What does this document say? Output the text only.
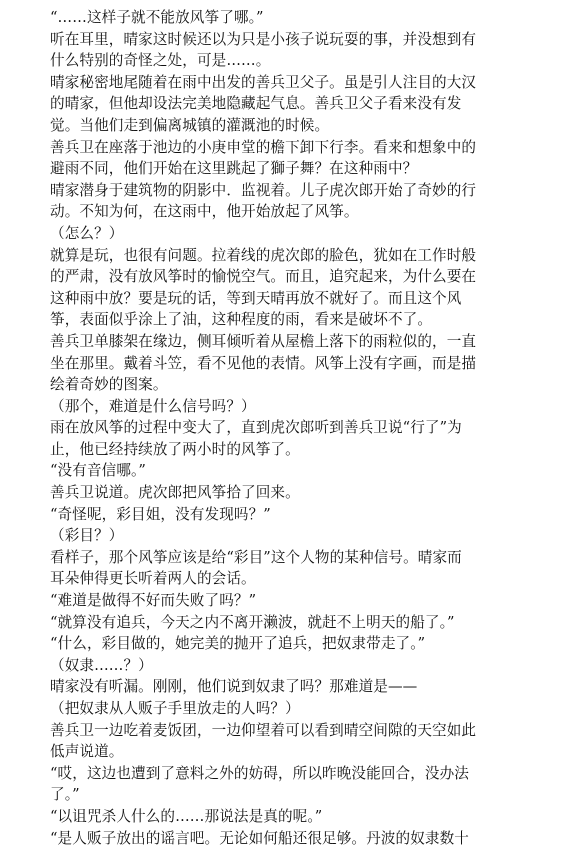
“……这样子就不能放风筝了哪。”
听在耳里，晴家这时候还以为只是小孩子说玩耍的事，并没想到有
什么特别的奇怪之处，可是……。
晴家秘密地尾随着在雨中出发的善兵卫父子。虽是引人注目的大汉
的晴家，但他却设法完美地隐藏起气息。善兵卫父子看来没有发
觉。当他们走到偏离城镇的灌溉池的时候。
善兵卫在座落于池边的小庚申堂的檐下卸下行李。看来和想象中的
避雨不同，他们开始在这里跳起了獅子舞？在这种雨中？
晴家潜身于建筑物的阴影中．监视着。儿子虎次郎开始了奇妙的行
动。不知为何，在这雨中，他开始放起了风筝。
（怎么？）
就算是玩，也很有问题。拉着线的虎次郎的脸色，犹如在工作时般
的严肃，没有放风筝时的愉悦空气。而且，追究起来，为什么要在
这种雨中放？要是玩的话，等到天晴再放不就好了。而且这个风
筝，表面似乎涂上了油，这种程度的雨，看来是破坏不了。
善兵卫单膝架在缘边，侧耳倾听着从屋檐上落下的雨粒似的，一直
坐在那里。戴着斗笠，看不见他的表情。风筝上没有字画，而是描
绘着奇妙的图案。
（那个，难道是什么信号吗？）
雨在放风筝的过程中变大了，直到虎次郎听到善兵卫说“行了”为
止，他已经持续放了两小时的风筝了。
“没有音信哪。”
善兵卫说道。虎次郎把风筝拾了回来。
“奇怪呢，彩目姐，没有发现吗？”
（彩目？）
看样子，那个风筝应该是给“彩目”这个人物的某种信号。晴家而
耳朵伸得更长听着两人的会话。
“难道是做得不好而失败了吗？”
“就算没有追兵，今天之内不离开濑波，就赶不上明天的船了。”
“什么，彩目做的，她完美的抛开了追兵，把奴隶带走了。”
（奴隶……？）
晴家没有听漏。刚刚，他们说到奴隶了吗？那难道是——
（把奴隶从人贩子手里放走的人吗？）
善兵卫一边吃着麦饭团，一边仰望着可以看到晴空间隙的天空如此
低声说道。
“哎，这边也遭到了意料之外的妨碍，所以昨晚没能回合，没办法
了。”
“以诅咒杀人什么的……那说法是真的呢。”
“是人贩子放出的谣言吧。无论如何船还很足够。丹波的奴隶数十
